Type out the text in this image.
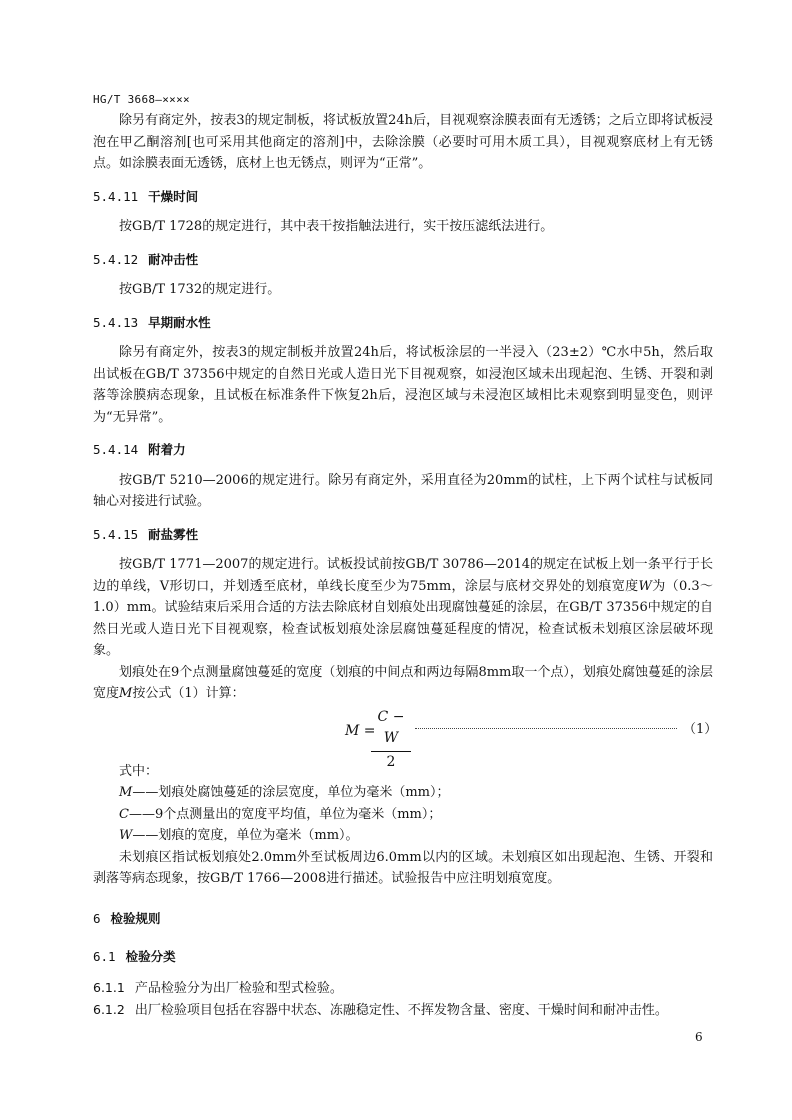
HG/T 3668—××××

除另有商定外，按表3的规定制板，将试板放置24h后，目视观察涂膜表面有无透锈；之后立即将试板浸泡在甲乙酮溶剂[也可采用其他商定的溶剂]中，去除涂膜（必要时可用木质工具），目视观察底材上有无锈点。如涂膜表面无透锈，底材上也无锈点，则评为“正常”。

5.4.11 干燥时间

按GB/T 1728的规定进行，其中表干按指触法进行，实干按压滤纸法进行。

5.4.12 耐冲击性

按GB/T 1732的规定进行。

5.4.13 早期耐水性

除另有商定外，按表3的规定制板并放置24h后，将试板涂层的一半浸入（23±2）℃水中5h，然后取出试板在GB/T 37356中规定的自然日光或人造日光下目视观察，如浸泡区域未出现起泡、生锈、开裂和剥落等涂膜病态现象，且试板在标准条件下恢复2h后，浸泡区域与未浸泡区域相比未观察到明显变色，则评为“无异常”。

5.4.14 附着力

按GB/T 5210—2006的规定进行。除另有商定外，采用直径为20mm的试柱，上下两个试柱与试板同轴心对接进行试验。

5.4.15 耐盐雾性

按GB/T 1771—2007的规定进行。试板投试前按GB/T 30786—2014的规定在试板上划一条平行于长边的单线，V形切口，并划透至底材，单线长度至少为75mm，涂层与底材交界处的划痕宽度W为（0.3～1.0）mm。试验结束后采用合适的方法去除底材自划痕处出现腐蚀蔓延的涂层，在GB/T 37356中规定的自然日光或人造日光下目视观察，检查试板划痕处涂层腐蚀蔓延程度的情况，检查试板未划痕区涂层破坏现象。

划痕处在9个点测量腐蚀蔓延的宽度（划痕的中间点和两边每隔8mm取一个点），划痕处腐蚀蔓延的涂层宽度M按公式（1）计算：

M =
$\frac{C - W}{2}$	（1）

式中：

M——划痕处腐蚀蔓延的涂层宽度，单位为毫米（mm）；

C——9个点测量出的宽度平均值，单位为毫米（mm）；

W——划痕的宽度，单位为毫米（mm）。

未划痕区指试板划痕处2.0mm外至试板周边6.0mm以内的区域。未划痕区如出现起泡、生锈、开裂和剥落等病态现象，按GB/T 1766—2008进行描述。试验报告中应注明划痕宽度。

6 检验规则
6.1 检验分类

6.1.1 产品检验分为出厂检验和型式检验。

6.1.2 出厂检验项目包括在容器中状态、冻融稳定性、不挥发物含量、密度、干燥时间和耐冲击性。

6
